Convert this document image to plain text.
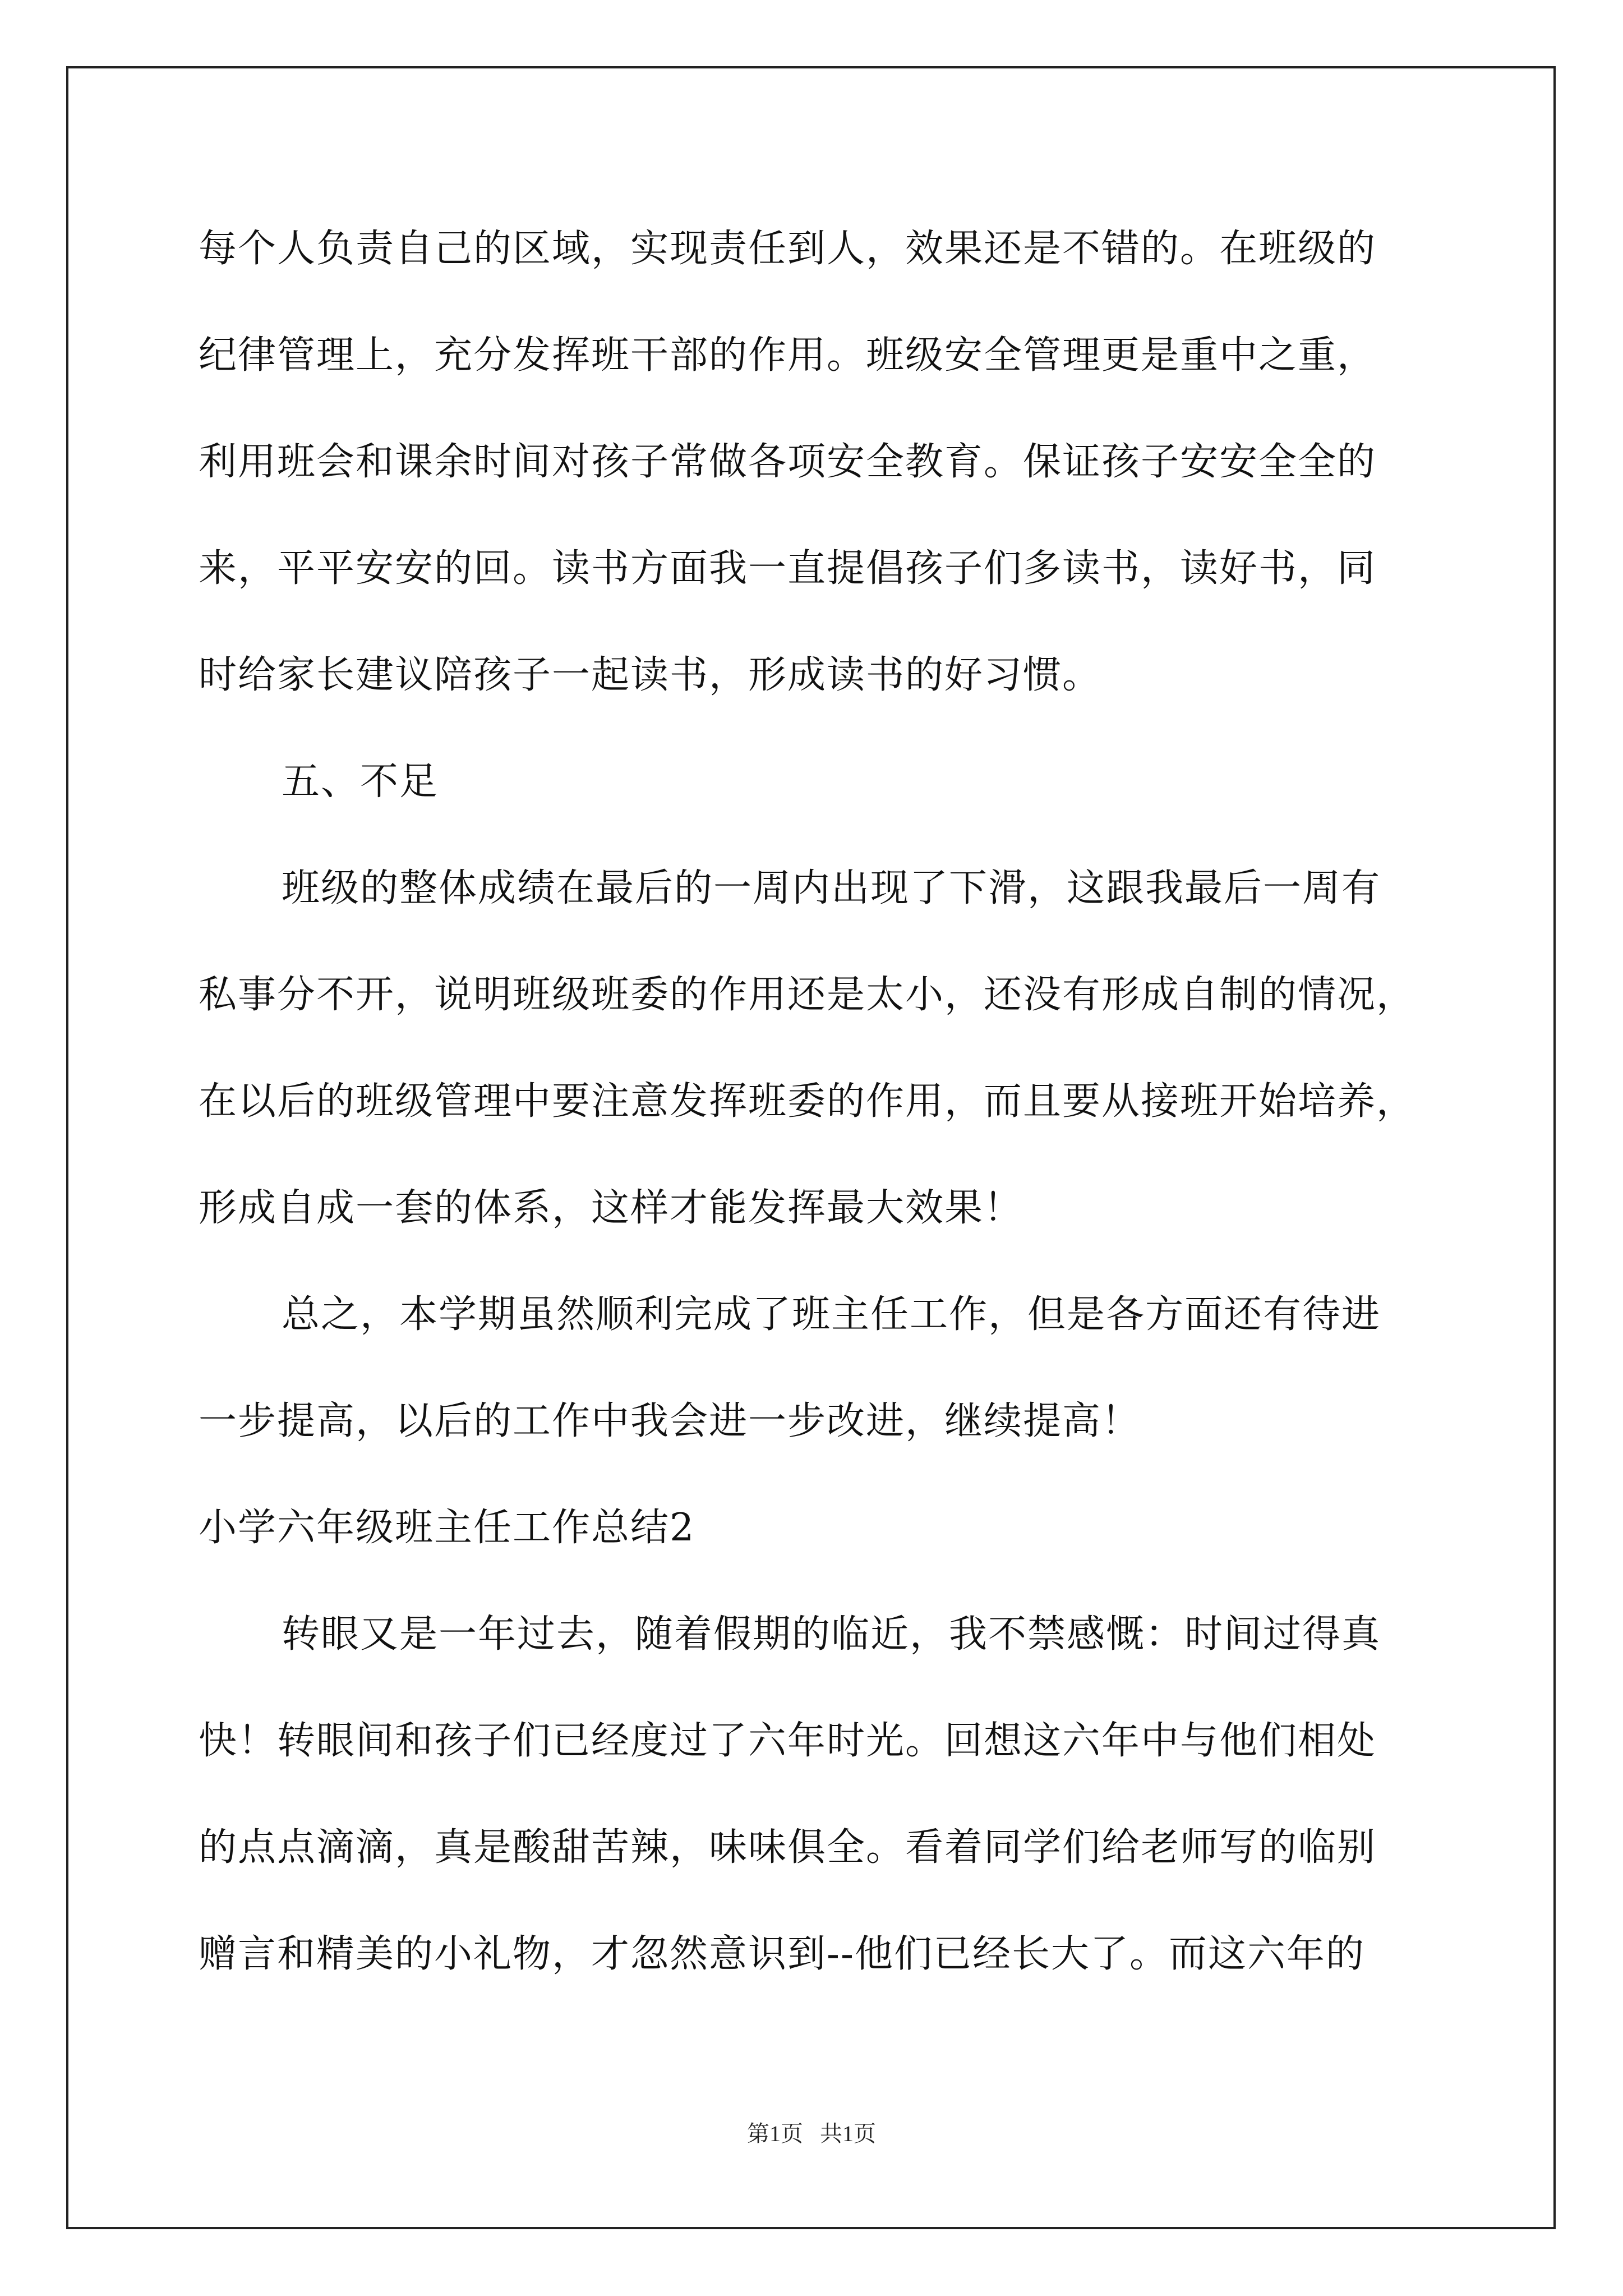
每个人负责自己的区域，实现责任到人，效果还是不错的。在班级的
纪律管理上，充分发挥班干部的作用。班级安全管理更是重中之重，
利用班会和课余时间对孩子常做各项安全教育。保证孩子安安全全的
来，平平安安的回。读书方面我一直提倡孩子们多读书，读好书，同
时给家长建议陪孩子一起读书，形成读书的好习惯。
五、不足
班级的整体成绩在最后的一周内出现了下滑，这跟我最后一周有
私事分不开，说明班级班委的作用还是太小，还没有形成自制的情况，
在以后的班级管理中要注意发挥班委的作用，而且要从接班开始培养，
形成自成一套的体系，这样才能发挥最大效果！
总之，本学期虽然顺利完成了班主任工作，但是各方面还有待进
一步提高，以后的工作中我会进一步改进，继续提高！
小学六年级班主任工作总结2
转眼又是一年过去，随着假期的临近，我不禁感慨：时间过得真
快！转眼间和孩子们已经度过了六年时光。回想这六年中与他们相处
的点点滴滴，真是酸甜苦辣，味味俱全。看着同学们给老师写的临别
赠言和精美的小礼物，才忽然意识到--他们已经长大了。而这六年的
第1页 共1页
